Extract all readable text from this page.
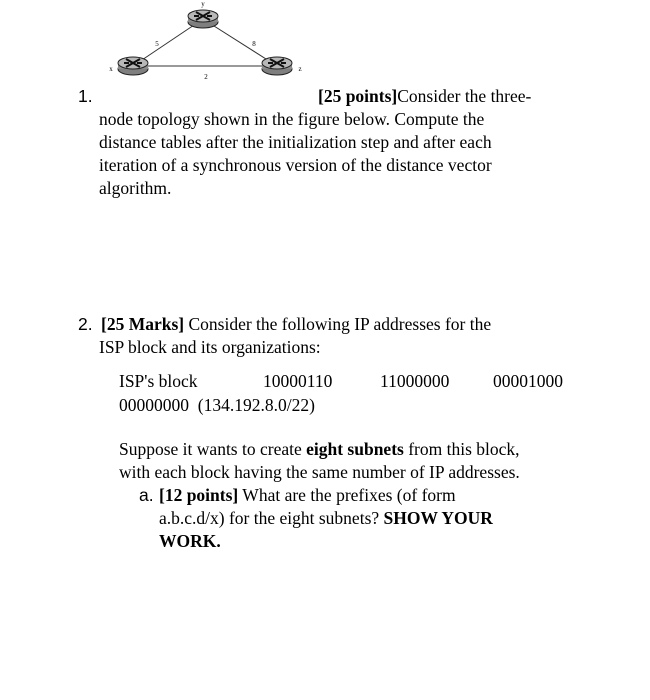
y
x	z
5	8
2
1.	[25 points]Consider the three-
node topology shown in the figure below. Compute the
distance tables after the initialization step and after each
iteration of a synchronous version of the distance vector
algorithm.
2. [25 Marks] Consider the following IP addresses for the
ISP block and its organizations:
ISP's block	10000110	11000000 00001000
00000000  (134.192.8.0/22)
Suppose it wants to create eight subnets from this block,
with each block having the same number of IP addresses.
a. [12 points] What are the prefixes (of form
a.b.c.d/x) for the eight subnets? SHOW YOUR
WORK.
